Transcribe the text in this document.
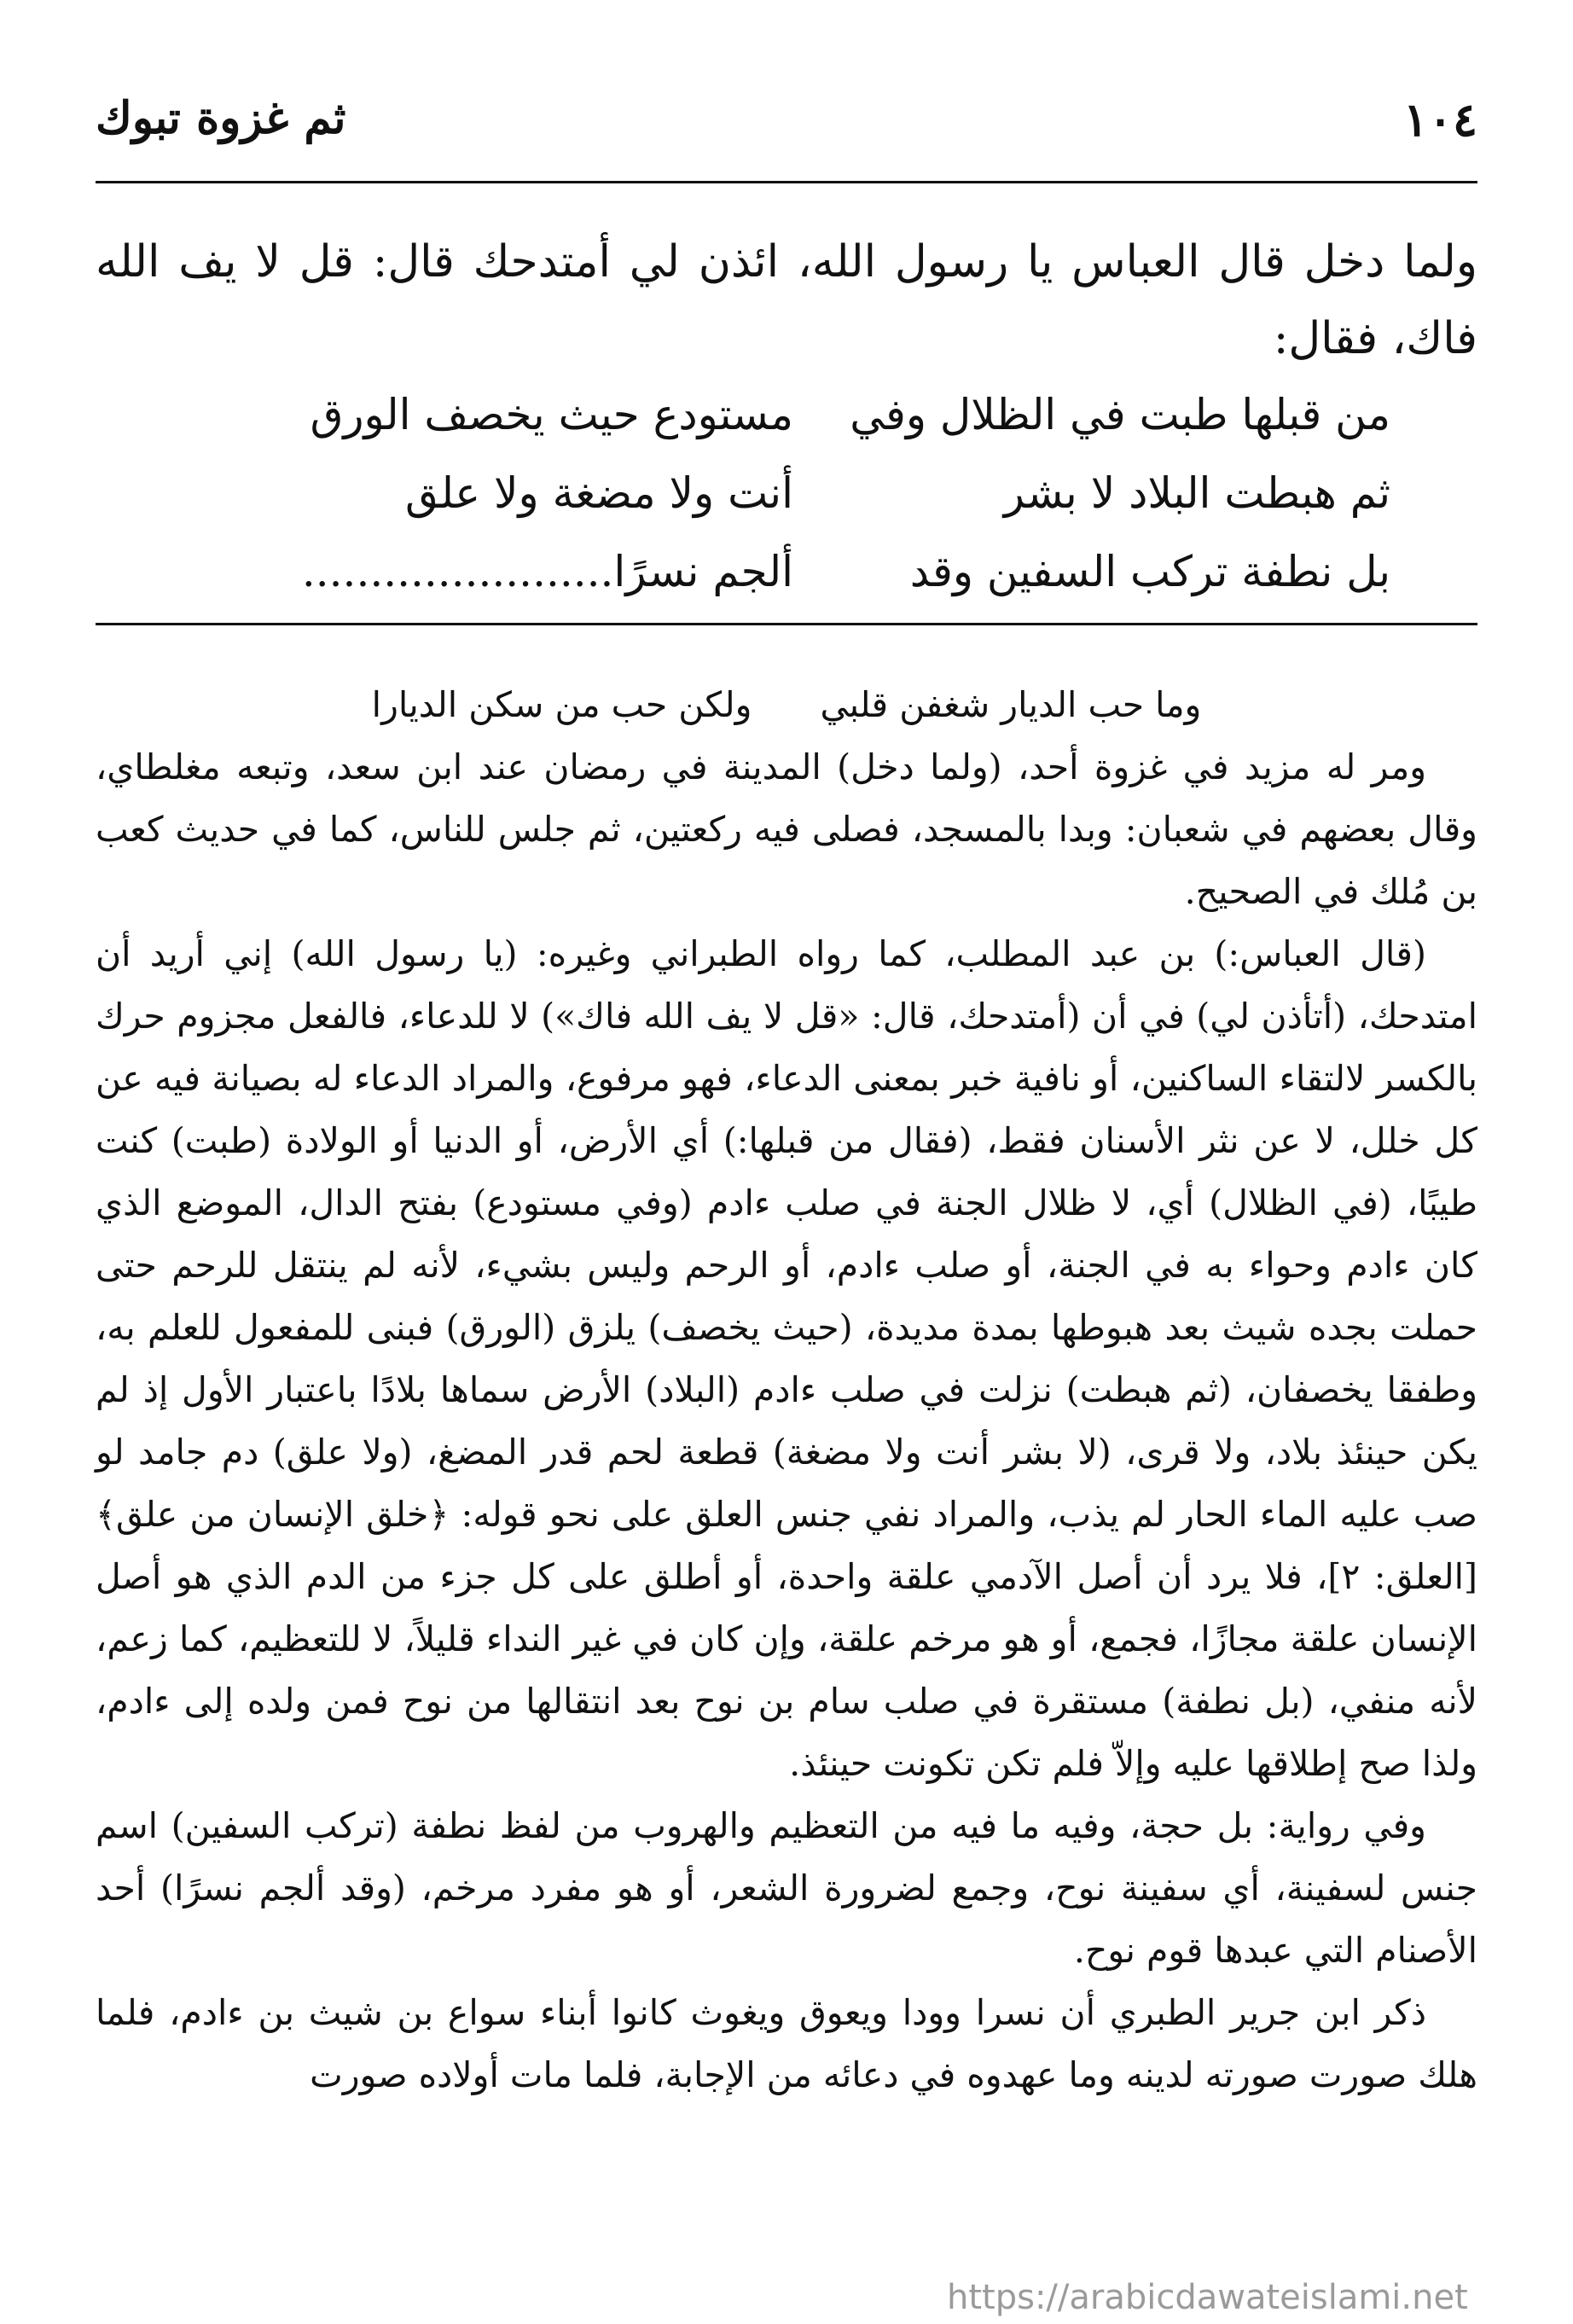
١٠٤
ثم غزوة تبوك

ولما دخل قال العباس يا رسول الله، ائذن لي أمتدحك قال: قل لا يف الله فاك، فقال:

من قبلها طبت في الظلال وفي
مستودع حيث يخصف الورق
ثم هبطت البلاد لا بشر
أنت ولا مضغة ولا علق
بل نطفة تركب السفين وقد
ألجم نسرًا.......................
وما حب الديار شغفن قلبي
ولكن حب من سكن الديارا

ومر له مزيد في غزوة أحد، (ولما دخل) المدينة في رمضان عند ابن سعد، وتبعه مغلطاي، وقال بعضهم في شعبان: وبدا بالمسجد، فصلى فيه ركعتين، ثم جلس للناس، كما في حديث كعب بن مُلك في الصحيح.

(قال العباس:) بن عبد المطلب، كما رواه الطبراني وغيره: (يا رسول الله) إني أريد أن امتدحك، (أتأذن لي) في أن (أمتدحك، قال: «قل لا يف الله فاك») لا للدعاء، فالفعل مجزوم حرك بالكسر لالتقاء الساكنين، أو نافية خبر بمعنى الدعاء، فهو مرفوع، والمراد الدعاء له بصيانة فيه عن كل خلل، لا عن نثر الأسنان فقط، (فقال من قبلها:) أي الأرض، أو الدنيا أو الولادة (طبت) كنت طيبًا، (في الظلال) أي، لا ظلال الجنة في صلب ءادم (وفي مستودع) بفتح الدال، الموضع الذي كان ءادم وحواء به في الجنة، أو صلب ءادم، أو الرحم وليس بشيء، لأنه لم ينتقل للرحم حتى حملت بجده شيث بعد هبوطها بمدة مديدة، (حيث يخصف) يلزق (الورق) فبنى للمفعول للعلم به، وطفقا يخصفان، (ثم هبطت) نزلت في صلب ءادم (البلاد) الأرض سماها بلادًا باعتبار الأول إذ لم يكن حينئذ بلاد، ولا قرى، (لا بشر أنت ولا مضغة) قطعة لحم قدر المضغ، (ولا علق) دم جامد لو صب عليه الماء الحار لم يذب، والمراد نفي جنس العلق على نحو قوله: ﴿خلق الإنسان من علق﴾ [العلق: ٢]، فلا يرد أن أصل الآدمي علقة واحدة، أو أطلق على كل جزء من الدم الذي هو أصل الإنسان علقة مجازًا، فجمع، أو هو مرخم علقة، وإن كان في غير النداء قليلاً، لا للتعظيم، كما زعم، لأنه منفي، (بل نطفة) مستقرة في صلب سام بن نوح بعد انتقالها من نوح فمن ولده إلى ءادم، ولذا صح إطلاقها عليه وإلاّ فلم تكن تكونت حينئذ.

وفي رواية: بل حجة، وفيه ما فيه من التعظيم والهروب من لفظ نطفة (تركب السفين) اسم جنس لسفينة، أي سفينة نوح، وجمع لضرورة الشعر، أو هو مفرد مرخم، (وقد ألجم نسرًا) أحد الأصنام التي عبدها قوم نوح.

ذكر ابن جرير الطبري أن نسرا وودا ويعوق ويغوث كانوا أبناء سواع بن شيث بن ءادم، فلما هلك صورت صورته لدينه وما عهدوه في دعائه من الإجابة، فلما مات أولاده صورت

https://arabicdawateislami.net
